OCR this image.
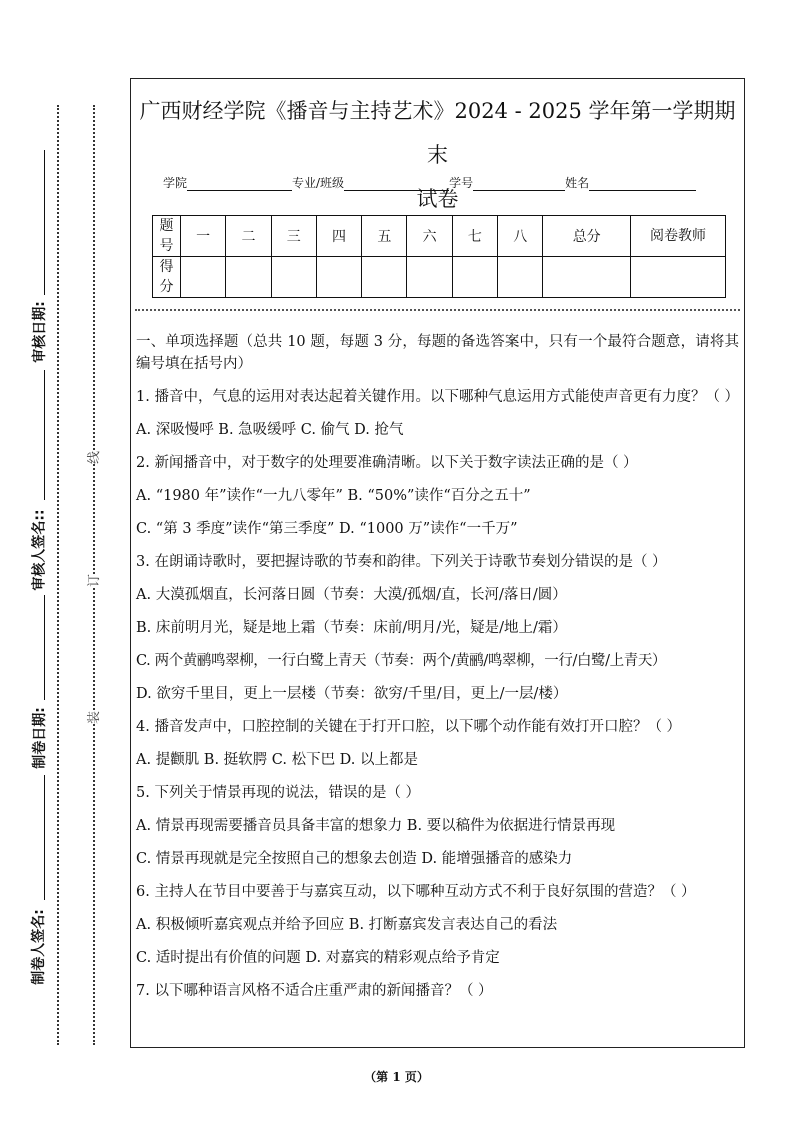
审核日期:
审核人签名::
制卷日期:
制卷人签名:
线
订
装
广西财经学院《播音与主持艺术》2024 - 2025 学年第一学期期末
试卷
学院	专业/班级	学号	姓名
题号	一	二	三	四	五	六	七	八	总分	阅卷教师
得分										

一、单项选择题（总共 10 题，每题 3 分，每题的备选答案中，只有一个最符合题意，请将其编号填在括号内）

1. 播音中，气息的运用对表达起着关键作用。以下哪种气息运用方式能使声音更有力度？（ ）

A. 深吸慢呼 B. 急吸缓呼 C. 偷气 D. 抢气

2. 新闻播音中，对于数字的处理要准确清晰。以下关于数字读法正确的是（ ）

A. “1980 年”读作“一九八零年” B. “50%”读作“百分之五十”

C. “第 3 季度”读作“第三季度” D. “1000 万”读作“一千万”

3. 在朗诵诗歌时，要把握诗歌的节奏和韵律。下列关于诗歌节奏划分错误的是（ ）

A. 大漠孤烟直，长河落日圆（节奏：大漠/孤烟/直，长河/落日/圆）

B. 床前明月光，疑是地上霜（节奏：床前/明月/光，疑是/地上/霜）

C. 两个黄鹂鸣翠柳，一行白鹭上青天（节奏：两个/黄鹂/鸣翠柳，一行/白鹭/上青天）

D. 欲穷千里目，更上一层楼（节奏：欲穷/千里/目，更上/一层/楼）

4. 播音发声中，口腔控制的关键在于打开口腔，以下哪个动作能有效打开口腔？（ ）

A. 提颧肌 B. 挺软腭 C. 松下巴 D. 以上都是

5. 下列关于情景再现的说法，错误的是（ ）

A. 情景再现需要播音员具备丰富的想象力 B. 要以稿件为依据进行情景再现

C. 情景再现就是完全按照自己的想象去创造 D. 能增强播音的感染力

6. 主持人在节目中要善于与嘉宾互动，以下哪种互动方式不利于良好氛围的营造？（ ）

A. 积极倾听嘉宾观点并给予回应 B. 打断嘉宾发言表达自己的看法

C. 适时提出有价值的问题 D. 对嘉宾的精彩观点给予肯定

7. 以下哪种语言风格不适合庄重严肃的新闻播音？（ ）

（第 1 页）
